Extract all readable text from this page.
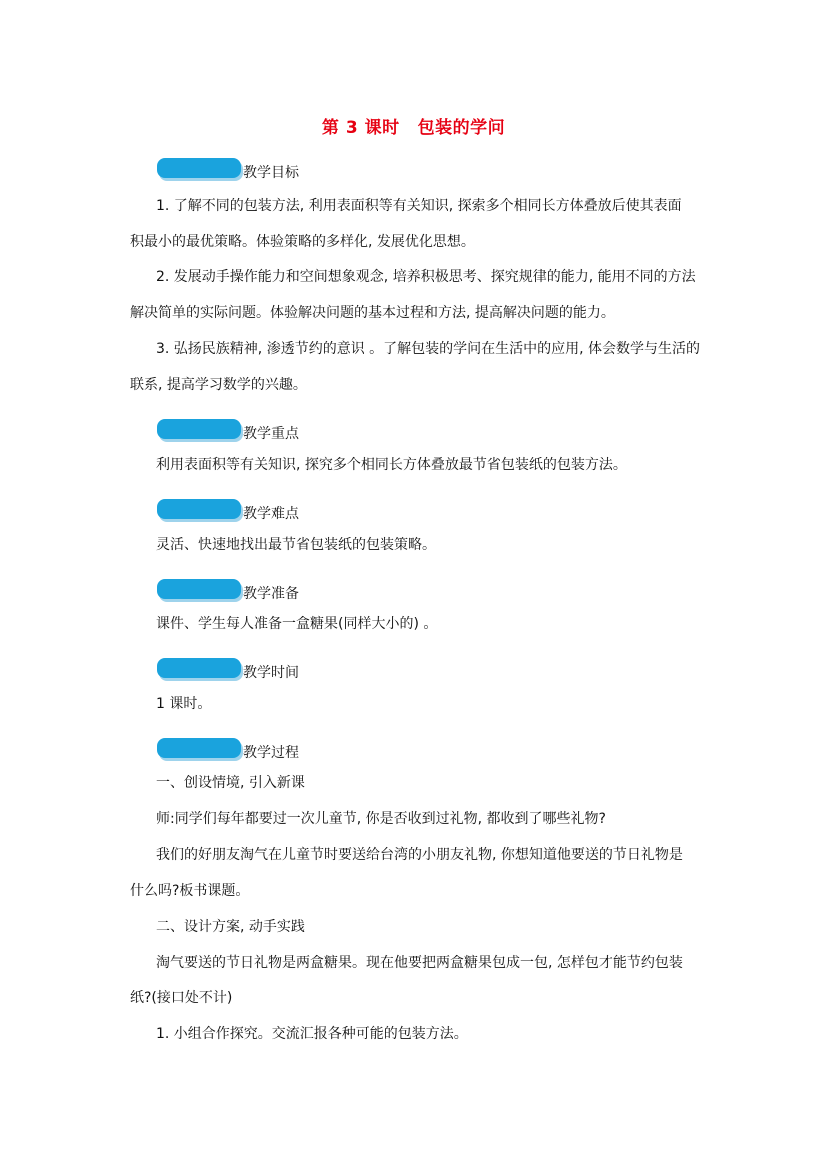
第 3 课时 包装的学问
教学目标
1. 了解不同的包装方法, 利用表面积等有关知识, 探索多个相同长方体叠放后使其表面
积最小的最优策略。体验策略的多样化, 发展优化思想。
2. 发展动手操作能力和空间想象观念, 培养积极思考、探究规律的能力, 能用不同的方法
解决简单的实际问题。体验解决问题的基本过程和方法, 提高解决问题的能力。
3. 弘扬民族精神, 渗透节约的意识 。了解包装的学问在生活中的应用, 体会数学与生活的
联系, 提高学习数学的兴趣。
教学重点
利用表面积等有关知识, 探究多个相同长方体叠放最节省包装纸的包装方法。
教学难点
灵活、快速地找出最节省包装纸的包装策略。
教学准备
课件、学生每人准备一盒糖果(同样大小的) 。
教学时间
1 课时。
教学过程
一、创设情境, 引入新课
师:同学们每年都要过一次儿童节, 你是否收到过礼物, 都收到了哪些礼物?
我们的好朋友淘气在儿童节时要送给台湾的小朋友礼物, 你想知道他要送的节日礼物是
什么吗?板书课题。
二、设计方案, 动手实践
淘气要送的节日礼物是两盒糖果。现在他要把两盒糖果包成一包, 怎样包才能节约包装
纸?(接口处不计)
1. 小组合作探究。交流汇报各种可能的包装方法。
